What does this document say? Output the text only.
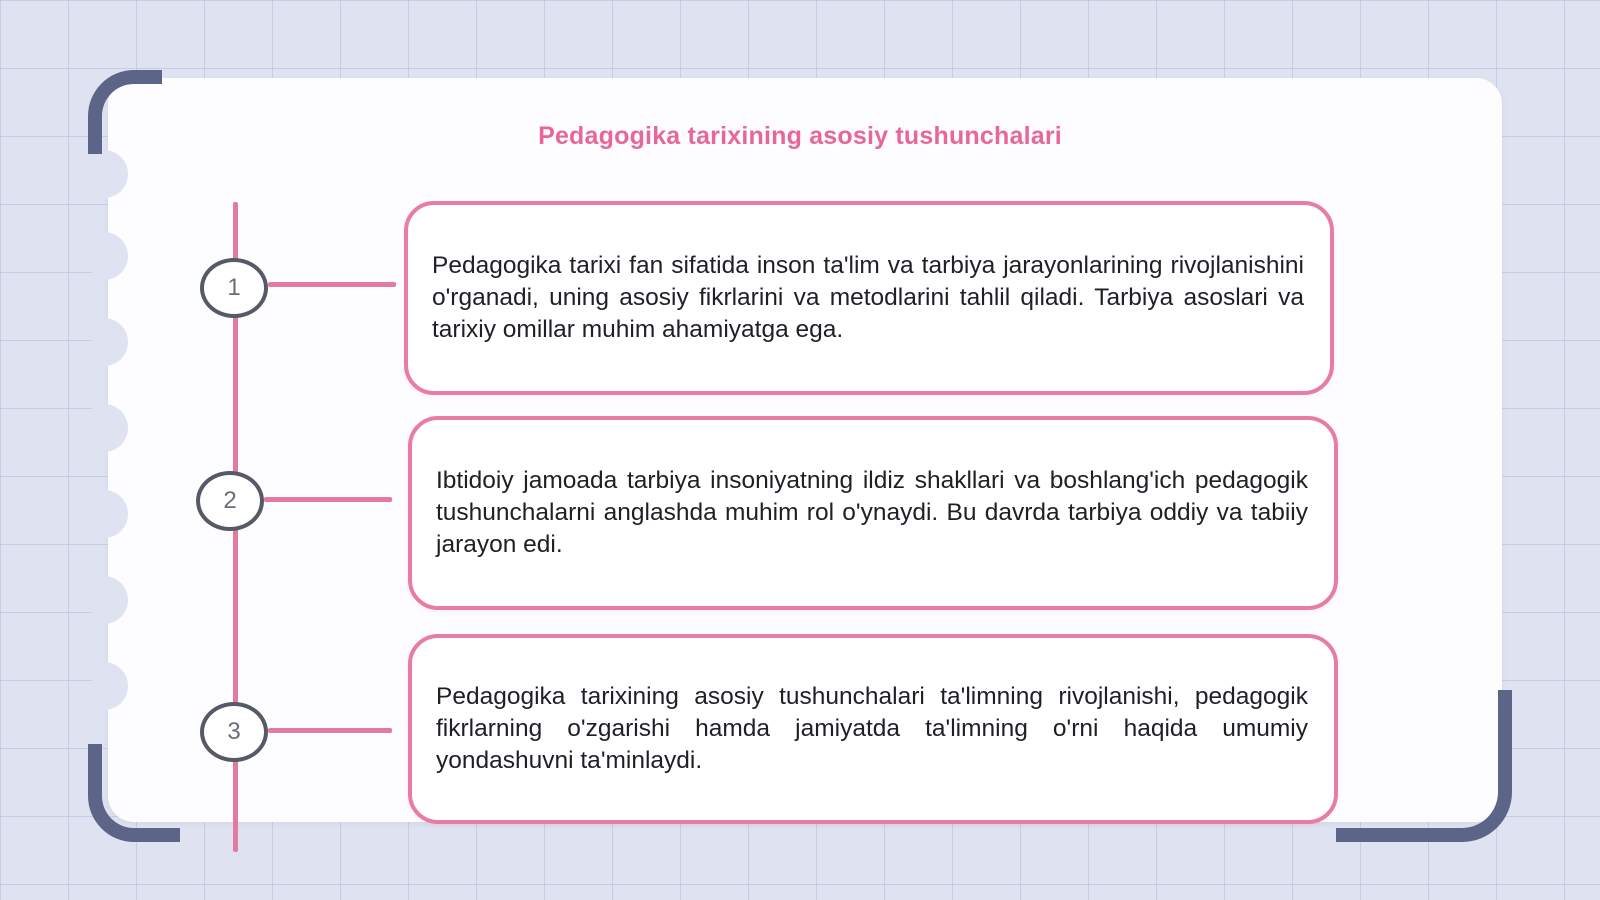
Pedagogika tarixining asosiy tushunchalari
1

Pedagogika tarixi fan sifatida inson ta'lim va tarbiya jarayonlarining rivojlanishini o'rganadi, uning asosiy fikrlarini va metodlarini tahlil qiladi. Tarbiya asoslari va tarixiy omillar muhim ahamiyatga ega.

2

Ibtidoiy jamoada tarbiya insoniyatning ildiz shakllari va boshlang'ich pedagogik tushunchalarni anglashda muhim rol o'ynaydi. Bu davrda tarbiya oddiy va tabiiy jarayon edi.

3

Pedagogika tarixining asosiy tushunchalari ta'limning rivojlanishi, pedagogik fikrlarning o'zgarishi hamda jamiyatda ta'limning o'rni haqida umumiy yondashuvni ta'minlaydi.
